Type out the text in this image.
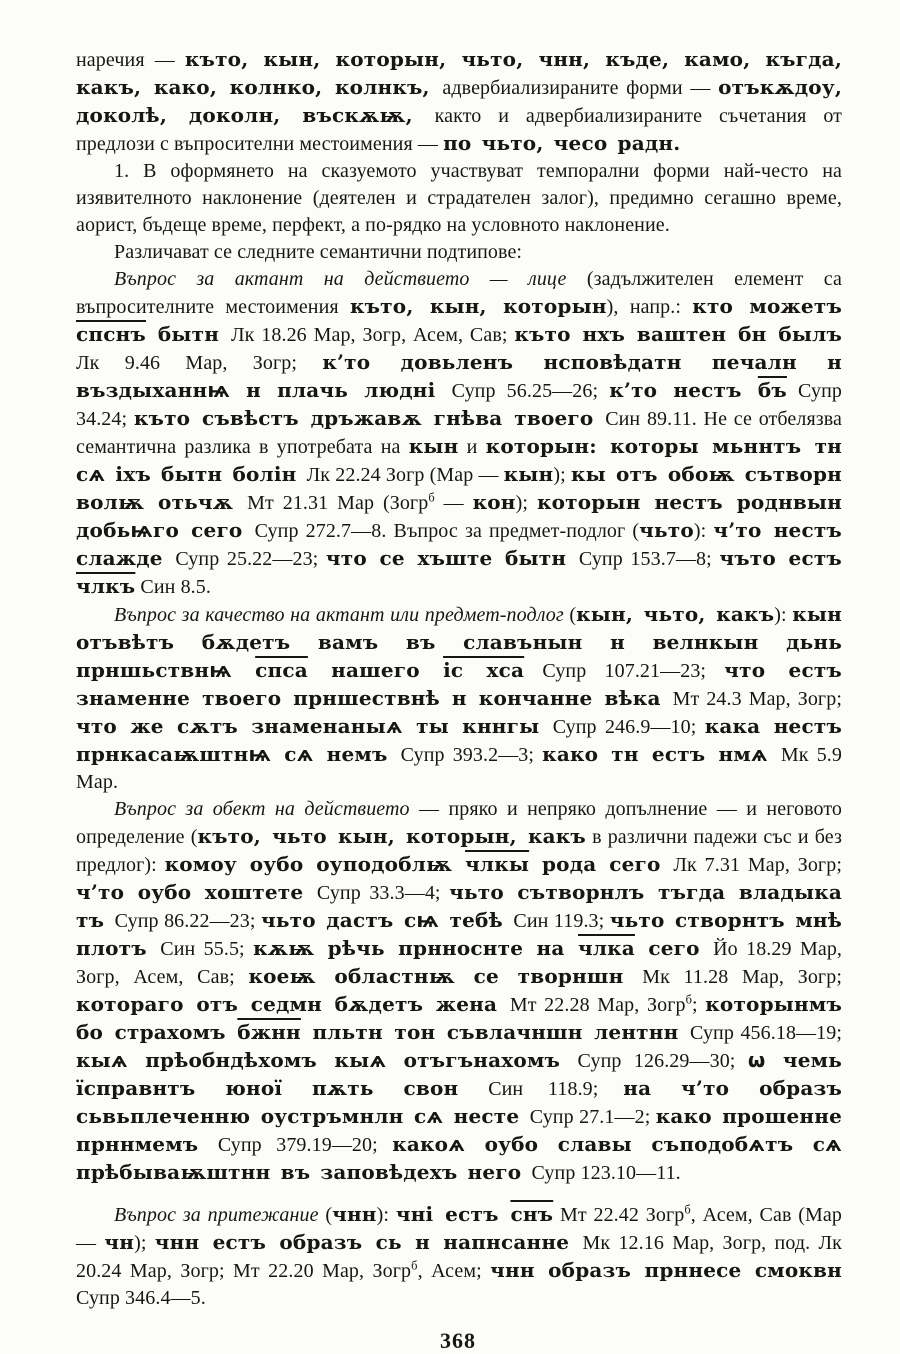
наречия — къто, кын, которын, чьто, чнн, къде, камо, къгда, какъ, како, колнко, колнкъ, адвербиализираните форми — отъкѫдоу, доколѣ, доколн, въскѫѭ, както и адвербиализираните съчетания от предлози с въпросителни местоимения — по чьто, чесо радн.

1. В оформянето на сказуемото участвуват темпорални форми най-често на изявителното наклонение (деятелен и страдателен залог), предимно сегашно време, аорист, бъдеще време, перфект, а по-рядко на условното наклонение.

Различават се следните семантични подтипове:

Въпрос за актант на действието — лице (задължителен елемент са въпросителните местоимения къто, кын, которын), напр.: кто можетъ спснъ бытн Лк 18.26 Мар, Зогр, Асем, Сав; къто нхъ ваштен бн былъ Лк 9.46 Мар, Зогр; к’то довьленъ нсповѣдатн печалн н въздыханнѩ н плачь людні Супр 56.25—26; к’то нестъ бъ Супр 34.24; къто съвѣстъ дръжавѫ гнѣва твоего Син 89.11. Не се отбелязва семантична разлика в употребата на кын и которын: которы мьннтъ тн сѧ іхъ бытн болін Лк 22.24 Зогр (Мар — кын); кы отъ обоѭ сътворн волѭ отьчѫ Мт 21.31 Мар (Зогр$^б$ — кон); которын нестъ роднвын добьѩго сего Супр 272.7—8. Въпрос за предмет-подлог (чьто): ч’то нестъ слажде Супр 25.22—23; что се хъште бытн Супр 153.7—8; чъто естъ члкъ Син 8.5.

Въпрос за качество на актант или предмет-подлог (кын, чьто, какъ): кын отъвѣтъ бѫдетъ вамъ въ славънын н велнкын дьнь прншьствнѩ спса нашего іс хса Супр 107.21—23; что естъ знаменне твоего прншествнѣ н кончанне вѣка Мт 24.3 Мар, Зогр; что же сѫтъ знаменаныѧ ты кннгы Супр 246.9—10; кака нестъ прнкасаѭштнѩ сѧ немъ Супр 393.2—3; како тн естъ нмѧ Мк 5.9 Мар.

Въпрос за обект на действието — пряко и непряко допълнение — и неговото определение (къто, чьто кын, которын, какъ в различни падежи със и без предлог): комоу оубо оуподоблѭ члкы рода сего Лк 7.31 Мар, Зогр; ч’то оубо хоштете Супр 33.3—4; чьто сътворнлъ тъгда владыка тъ Супр 86.22—23; чьто дастъ сѩ тебѣ Син 119.3; чьто створнтъ мнѣ плотъ Син 55.5; кѫѭ рѣчь прнноснте на члка сего Йо 18.29 Мар, Зогр, Асем, Сав; коеѭ областнѭ се творншн Мк 11.28 Мар, Зогр; котораго отъ седмн бѫдетъ жена Мт 22.28 Мар, Зогр$^б$; которынмъ бо страхомъ бжнн пльтн тон съвлачншн лентнн Супр 456.18—19; кыѧ прѣобндѣхомъ кыѧ отъгънахомъ Супр 126.29—30; ѡ чемь їсправнтъ юної пѫть свон Син 118.9; на ч’то образъ сьвьплеченню оустръмнлн сѧ несте Супр 27.1—2; како прошенне прннмемъ Супр 379.19—20; какоѧ оубо славы съподобѧтъ сѧ прѣбываѭштнн въ заповѣдехъ него Супр 123.10—11.

Въпрос за притежание (чнн): чні естъ снъ Мт 22.42 Зогр$^б$, Асем, Сав (Мар — чн); чнн естъ образъ сь н напнсанне Мк 12.16 Мар, Зогр, под. Лк 20.24 Мар, Зогр; Мт 22.20 Мар, Зогр$^б$, Асем; чнн образъ прннесе смоквн Супр 346.4—5.

368
